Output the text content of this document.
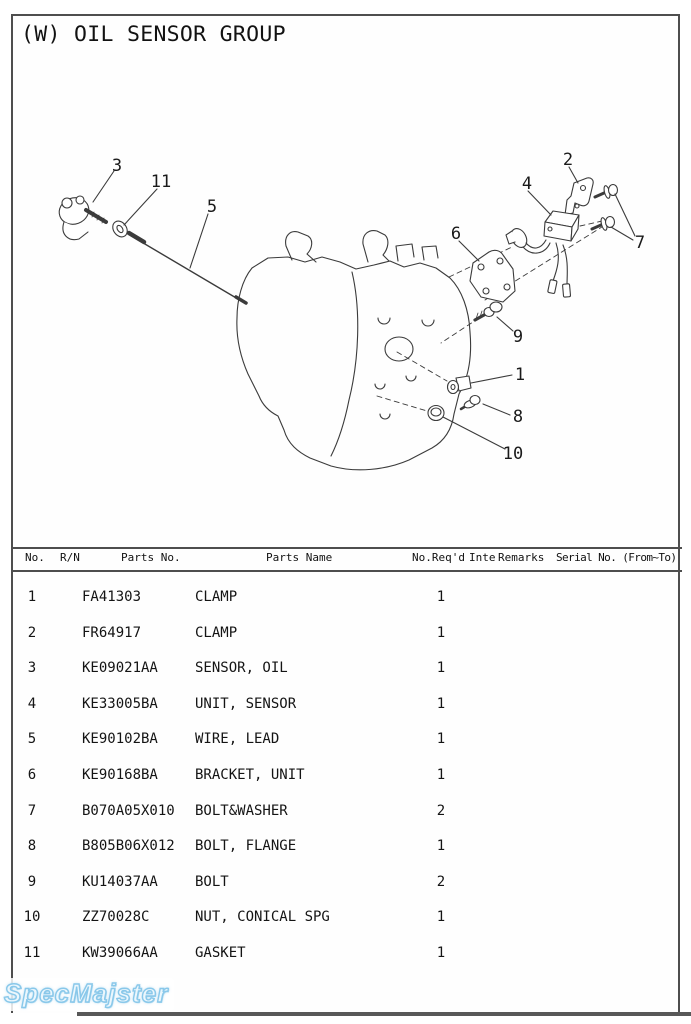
(W) OIL SENSOR GROUP
3
11
5
2
4
6	7
9
1
8
10
No. R/N	Parts No.	Parts Name	No.Req'd Inte Remarks Serial No. (From~To)
1	FA41303	CLAMP	1
2	FR64917	CLAMP	1
3	KE09021AA	SENSOR, OIL	1
4	KE33005BA	UNIT, SENSOR	1
5	KE90102BA	WIRE, LEAD	1
6	KE90168BA	BRACKET, UNIT	1
7	B070A05X010 BOLT&WASHER	2
8	B805B06X012 BOLT, FLANGE	1
9	KU14037AA	BOLT	2
10	ZZ70028C	NUT, CONICAL SPG	1
11	KW39066AA	GASKET	1
SpecMajster
